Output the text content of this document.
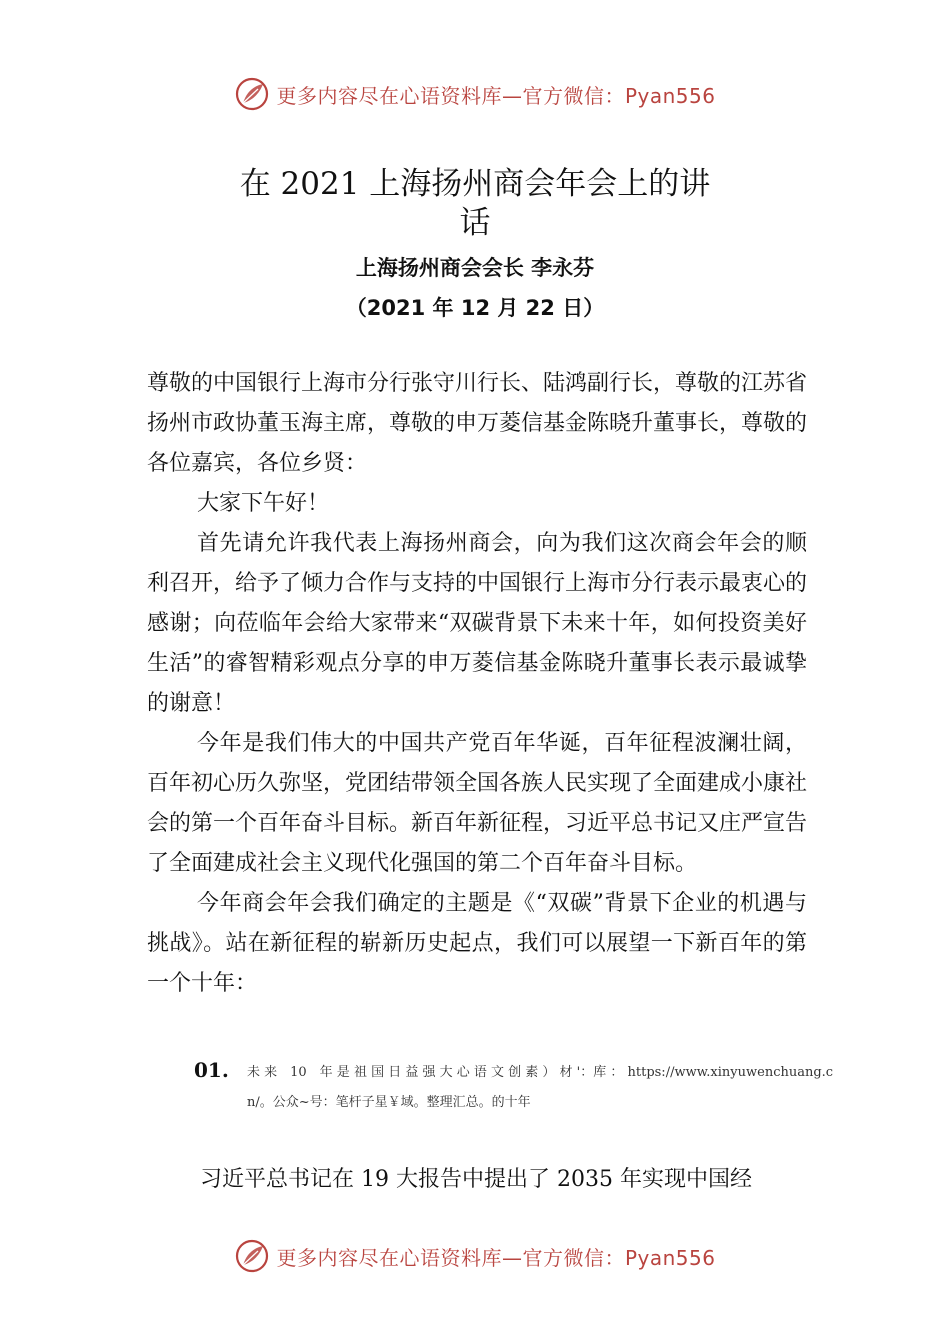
更多内容尽在心语资料库—官方微信：Pyan556
在 2021 上海扬州商会年会上的讲
话
上海扬州商会会长 李永芬
（2021 年 12 月 22 日）

尊敬的中国银行上海市分行张守川行长、陆鸿副行长，尊敬的江苏省扬州市政协董玉海主席，尊敬的申万菱信基金陈晓升董事长，尊敬的各位嘉宾，各位乡贤：

大家下午好！

首先请允许我代表上海扬州商会，向为我们这次商会年会的顺利召开，给予了倾力合作与支持的中国银行上海市分行表示最衷心的感谢；向莅临年会给大家带来“双碳背景下未来十年，如何投资美好生活”的睿智精彩观点分享的申万菱信基金陈晓升董事长表示最诚挚的谢意！

今年是我们伟大的中国共产党百年华诞，百年征程波澜壮阔，百年初心历久弥坚，党团结带领全国各族人民实现了全面建成小康社会的第一个百年奋斗目标。新百年新征程，习近平总书记又庄严宣告了全面建成社会主义现代化强国的第二个百年奋斗目标。

今年商会年会我们确定的主题是《“双碳”背景下企业的机遇与挑战》。站在新征程的崭新历史起点，我们可以展望一下新百年的第一个十年：

01. 未 来　10　年 是 祖 国 日 益 强 大 心 语 文 创 素 ） 材 '：库 ： https://www.xinyuwenchuang.cn/。公众~号：笔杆子星￥域。整理汇总。的十年
习近平总书记在 19 大报告中提出了 2035 年实现中国经
更多内容尽在心语资料库—官方微信：Pyan556
